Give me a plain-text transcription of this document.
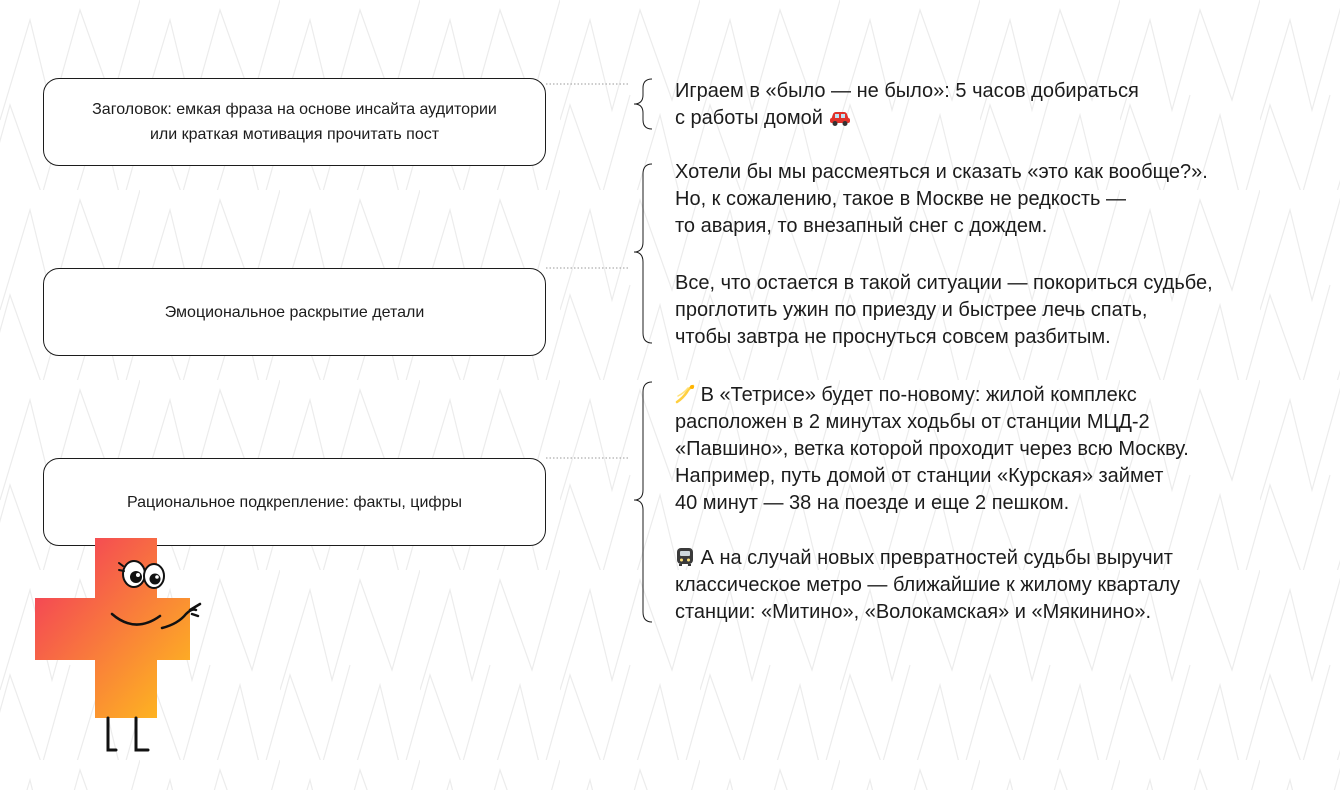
Заголовок: емкая фраза на основе инсайта аудитории или краткая мотивация прочитать пост
Эмоциональное раскрытие детали
Рациональное подкрепление: факты, цифры
Играем в «было — не было»: 5 часов добираться
с работы домой
Хотели бы мы рассмеяться и сказать «это как вообще?».
Но, к сожалению, такое в Москве не редкость —
то авария, то внезапный снег с дождем.
Все, что остается в такой ситуации — покориться судьбе,
проглотить ужин по приезду и быстрее лечь спать,
чтобы завтра не проснуться совсем разбитым.
В «Тетрисе» будет по-новому: жилой комплекс
расположен в 2 минутах ходьбы от станции МЦД-2
«Павшино», ветка которой проходит через всю Москву.
Например, путь домой от станции «Курская» займет
40 минут — 38 на поезде и еще 2 пешком.
А на случай новых превратностей судьбы выручит
классическое метро — ближайшие к жилому кварталу
станции: «Митино», «Волокамская» и «Мякинино».
